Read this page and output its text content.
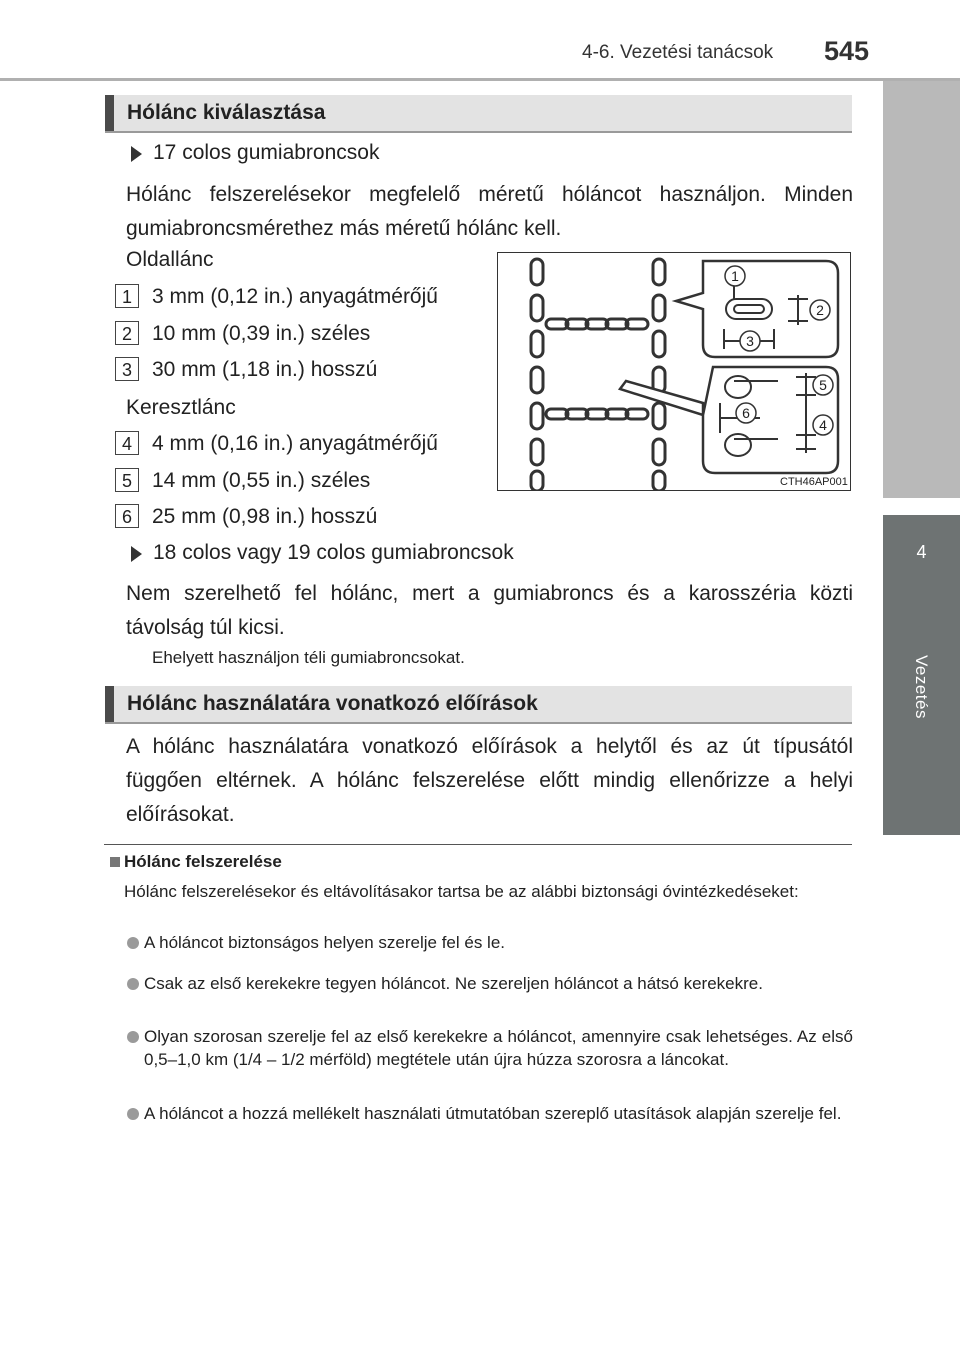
4-6. Vezetési tanácsok 545
4
Vezetés
Hólánc kiválasztása
17 colos gumiabroncsok
Hólánc felszerelésekor megfelelő méretű hóláncot használjon. Minden gumiabroncsmérethez más méretű hólánc kell.
Oldallánc
1 3 mm (0,12 in.) anyagátmérőjű
2 10 mm (0,39 in.) széles
3 30 mm (1,18 in.) hosszú
Keresztlánc
4 4 mm (0,16 in.) anyagátmérőjű
5 14 mm (0,55 in.) széles
6 25 mm (0,98 in.) hosszú
1
2
3
5
6
4
CTH46AP001
18 colos vagy 19 colos gumiabroncsok
Nem szerelhető fel hólánc, mert a gumiabroncs és a karosszéria közti távolság túl kicsi.
Ehelyett használjon téli gumiabroncsokat.
Hólánc használatára vonatkozó előírások
A hólánc használatára vonatkozó előírások a helytől és az út típusától függően eltérnek. A hólánc felszerelése előtt mindig ellenőrizze a helyi előírásokat.
Hólánc felszerelése
Hólánc felszerelésekor és eltávolításakor tartsa be az alábbi biztonsági óvintézkedéseket:
A hóláncot biztonságos helyen szerelje fel és le.
Csak az első kerekekre tegyen hóláncot. Ne szereljen hóláncot a hátsó kerekekre.
Olyan szorosan szerelje fel az első kerekekre a hóláncot, amennyire csak lehetséges. Az első 0,5–1,0 km (1/4 – 1/2 mérföld) megtétele után újra húzza szorosra a láncokat.
A hóláncot a hozzá mellékelt használati útmutatóban szereplő utasítások alapján szerelje fel.
